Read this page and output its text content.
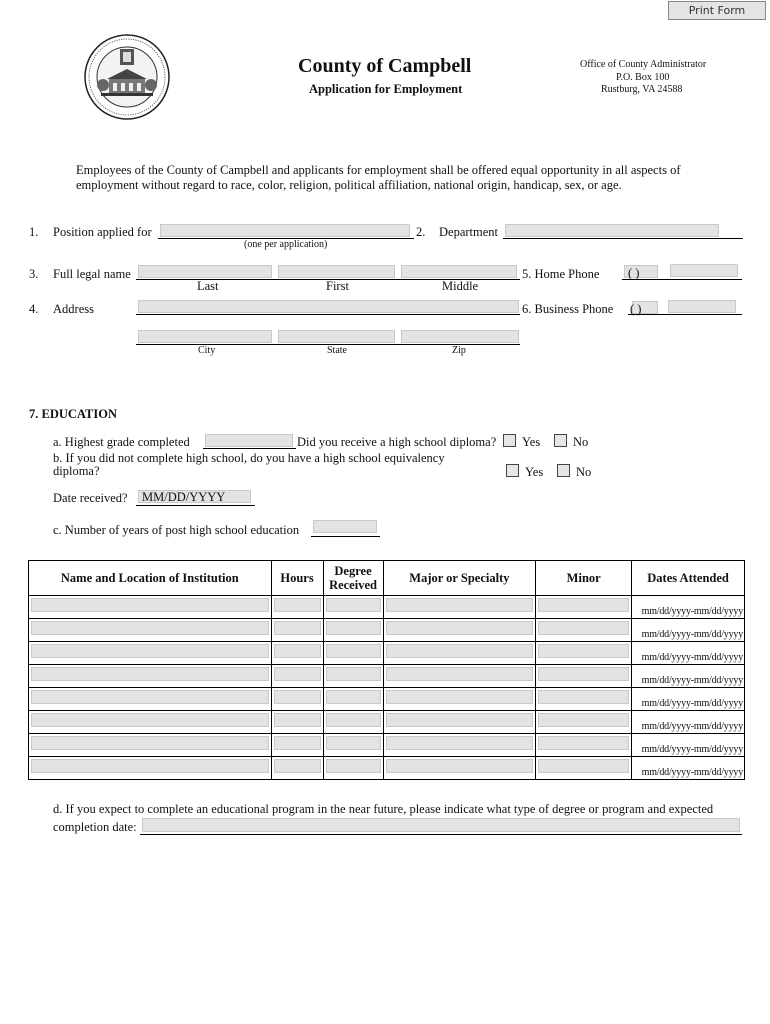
Print Form
County of Campbell
Application for Employment
Office of County Administrator
P.O. Box 100
Rustburg, VA 24588
Employees of the County of Campbell and applicants for employment shall be offered equal opportunity in all aspects of
employment without regard to race, color, religion, political affiliation, national origin, handicap, sex, or age.
1. Position applied for
(one per application)
2. Department
3. Full legal name
Last	First	Middle
5. Home Phone ( )
4. Address	6. Business Phone ( )
City	State	Zip
7. EDUCATION
a. Highest grade completed	Did you receive a high school diploma? Yes	No
b. If you did not complete high school, do you have a high school equivalency
diploma?	Yes	No
Date received? MM/DD/YYYY
c. Number of years of post high school education
Name and Location of Institution	Hours	Degree Received	Major or Specialty	Minor	Dates Attended

					mm/dd/yyyy-mm/dd/yyyy

					mm/dd/yyyy-mm/dd/yyyy

					mm/dd/yyyy-mm/dd/yyyy

					mm/dd/yyyy-mm/dd/yyyy

					mm/dd/yyyy-mm/dd/yyyy

					mm/dd/yyyy-mm/dd/yyyy

					mm/dd/yyyy-mm/dd/yyyy

					mm/dd/yyyy-mm/dd/yyyy
d. If you expect to complete an educational program in the near future, please indicate what type of degree or program and expected
completion date:
